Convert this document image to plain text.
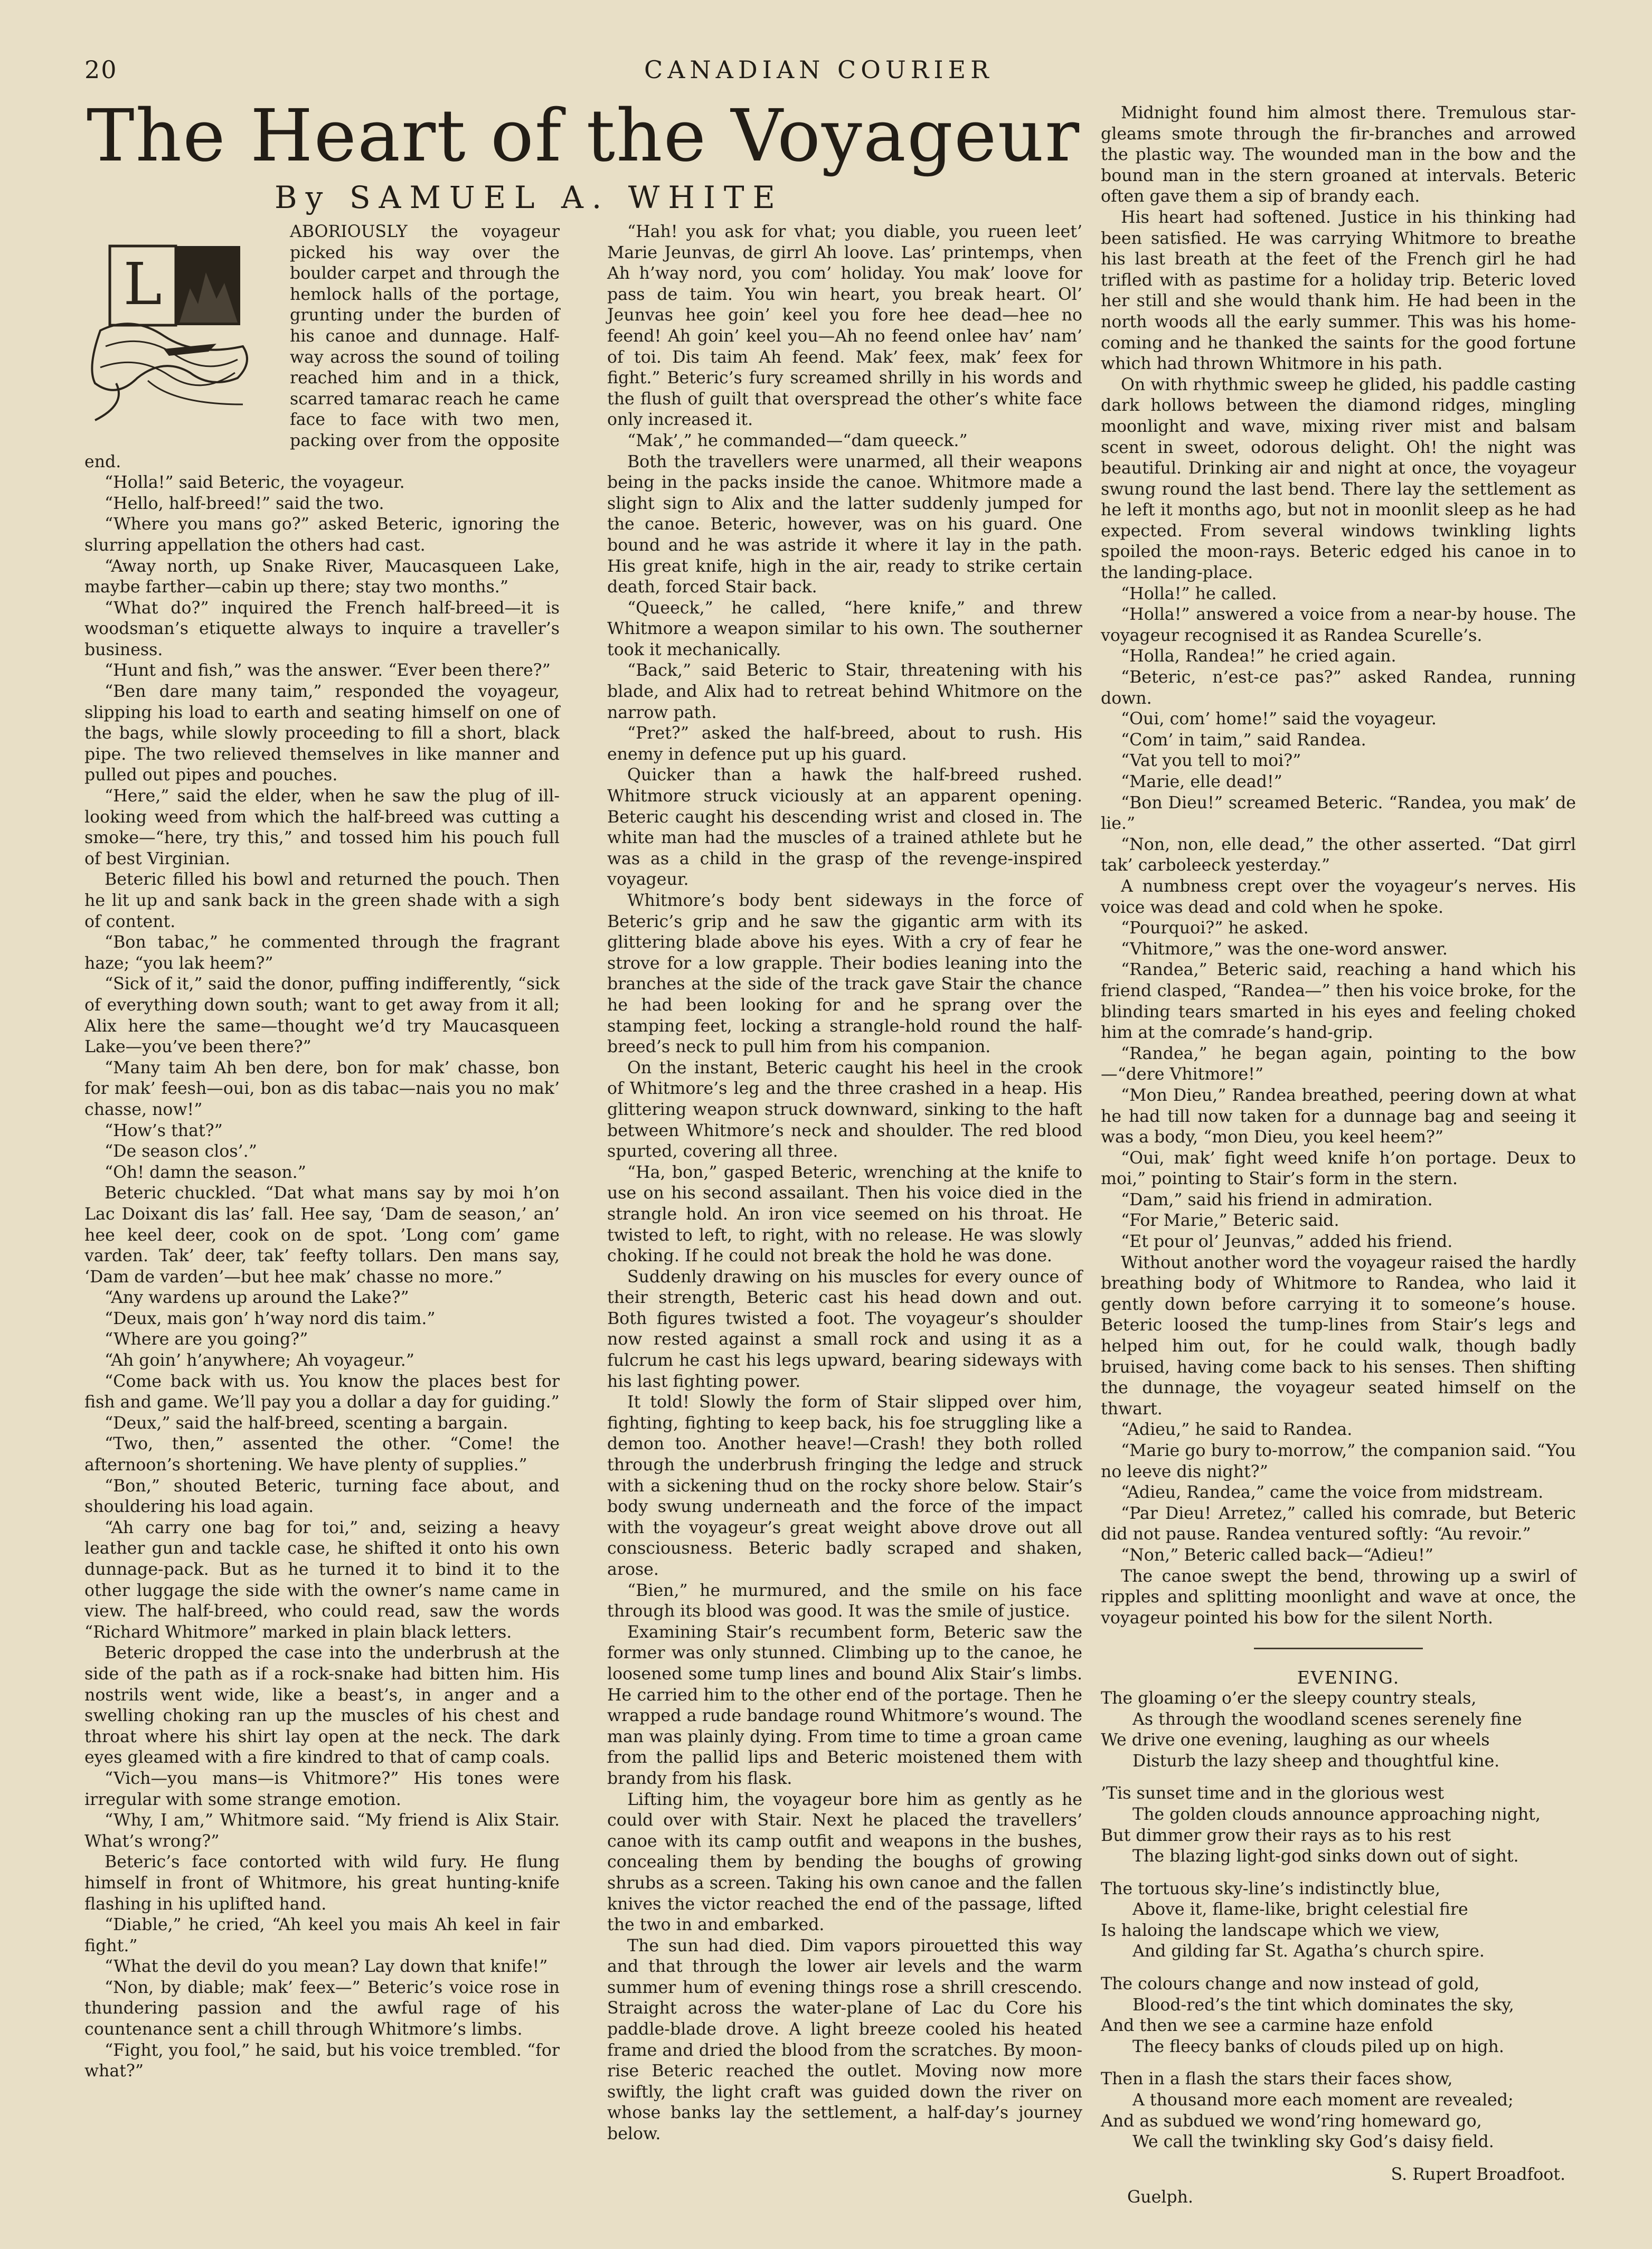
20	CANADIAN COURIER
The Heart of the Voyageur
By SAMUEL A. WHITE
L

ABORIOUSLY the voyageur picked his way over the boulder carpet and through the hemlock halls of the portage, grunting under the burden of his canoe and dunnage. Half-way across the sound of toiling reached him and in a thick, scarred tamarac reach he came face to face with two men, packing over from the opposite end.

“Holla!” said Beteric, the voyageur.

“Hello, half-breed!” said the two.

“Where you mans go?” asked Beteric, ignoring the slurring appellation the others had cast.

“Away north, up Snake River, Maucasqueen Lake, maybe farther—cabin up there; stay two months.”

“What do?” inquired the French half-breed—it is woodsman’s etiquette always to inquire a traveller’s business.

“Hunt and fish,” was the answer. “Ever been there?”

“Ben dare many taim,” responded the voyageur, slipping his load to earth and seating himself on one of the bags, while slowly proceeding to fill a short, black pipe. The two relieved themselves in like manner and pulled out pipes and pouches.

“Here,” said the elder, when he saw the plug of ill-looking weed from which the half-breed was cutting a smoke—“here, try this,” and tossed him his pouch full of best Virginian.

Beteric filled his bowl and returned the pouch. Then he lit up and sank back in the green shade with a sigh of content.

“Bon tabac,” he commented through the fragrant haze; “you lak heem?”

“Sick of it,” said the donor, puffing indifferently, “sick of everything down south; want to get away from it all; Alix here the same—thought we’d try Maucasqueen Lake—you’ve been there?”

“Many taim Ah ben dere, bon for mak’ chasse, bon for mak’ feesh—oui, bon as dis tabac—nais you no mak’ chasse, now!”

“How’s that?”

“De season clos’.”

“Oh! damn the season.”

Beteric chuckled. “Dat what mans say by moi h’on Lac Doixant dis las’ fall. Hee say, ‘Dam de season,’ an’ hee keel deer, cook on de spot. ’Long com’ game varden. Tak’ deer, tak’ feefty tollars. Den mans say, ‘Dam de varden’—but hee mak’ chasse no more.”

“Any wardens up around the Lake?”

“Deux, mais gon’ h’way nord dis taim.”

“Where are you going?”

“Ah goin’ h’anywhere; Ah voyageur.”

“Come back with us. You know the places best for fish and game. We’ll pay you a dollar a day for guiding.”

“Deux,” said the half-breed, scenting a bargain.

“Two, then,” assented the other. “Come! the afternoon’s shortening. We have plenty of supplies.”

“Bon,” shouted Beteric, turning face about, and shouldering his load again.

“Ah carry one bag for toi,” and, seizing a heavy leather gun and tackle case, he shifted it onto his own dunnage-pack. But as he turned it to bind it to the other luggage the side with the owner’s name came in view. The half-breed, who could read, saw the words “Richard Whitmore” marked in plain black letters.

Beteric dropped the case into the underbrush at the side of the path as if a rock-snake had bitten him. His nostrils went wide, like a beast’s, in anger and a swelling choking ran up the muscles of his chest and throat where his shirt lay open at the neck. The dark eyes gleamed with a fire kindred to that of camp coals.

“Vich—you mans—is Vhitmore?” His tones were irregular with some strange emotion.

“Why, I am,” Whitmore said. “My friend is Alix Stair. What’s wrong?”

Beteric’s face contorted with wild fury. He flung himself in front of Whitmore, his great hunting-knife flashing in his uplifted hand.

“Diable,” he cried, “Ah keel you mais Ah keel in fair fight.”

“What the devil do you mean? Lay down that knife!”

“Non, by diable; mak’ feex—” Beteric’s voice rose in thundering passion and the awful rage of his countenance sent a chill through Whitmore’s limbs.

“Fight, you fool,” he said, but his voice trembled. “for what?”

“Hah! you ask for vhat; you diable, you rueen leet’ Marie Jeunvas, de girrl Ah loove. Las’ printemps, vhen Ah h’way nord, you com’ holiday. You mak’ loove for pass de taim. You win heart, you break heart. Ol’ Jeunvas hee goin’ keel you fore hee dead—hee no feend! Ah goin’ keel you—Ah no feend onlee hav’ nam’ of toi. Dis taim Ah feend. Mak’ feex, mak’ feex for fight.” Beteric’s fury screamed shrilly in his words and the flush of guilt that overspread the other’s white face only increased it.

“Mak’,” he commanded—“dam queeck.”

Both the travellers were unarmed, all their weapons being in the packs inside the canoe. Whitmore made a slight sign to Alix and the latter suddenly jumped for the canoe. Beteric, however, was on his guard. One bound and he was astride it where it lay in the path. His great knife, high in the air, ready to strike certain death, forced Stair back.

“Queeck,” he called, “here knife,” and threw Whitmore a weapon similar to his own. The southerner took it mechanically.

“Back,” said Beteric to Stair, threatening with his blade, and Alix had to retreat behind Whitmore on the narrow path.

“Pret?” asked the half-breed, about to rush. His enemy in defence put up his guard.

Quicker than a hawk the half-breed rushed. Whitmore struck viciously at an apparent opening. Beteric caught his descending wrist and closed in. The white man had the muscles of a trained athlete but he was as a child in the grasp of the revenge-inspired voyageur.

Whitmore’s body bent sideways in the force of Beteric’s grip and he saw the gigantic arm with its glittering blade above his eyes. With a cry of fear he strove for a low grapple. Their bodies leaning into the branches at the side of the track gave Stair the chance he had been looking for and he sprang over the stamping feet, locking a strangle-hold round the half-breed’s neck to pull him from his companion.

On the instant, Beteric caught his heel in the crook of Whitmore’s leg and the three crashed in a heap. His glittering weapon struck downward, sinking to the haft between Whitmore’s neck and shoulder. The red blood spurted, covering all three.

“Ha, bon,” gasped Beteric, wrenching at the knife to use on his second assailant. Then his voice died in the strangle hold. An iron vice seemed on his throat. He twisted to left, to right, with no release. He was slowly choking. If he could not break the hold he was done.

Suddenly drawing on his muscles for every ounce of their strength, Beteric cast his head down and out. Both figures twisted a foot. The voyageur’s shoulder now rested against a small rock and using it as a fulcrum he cast his legs upward, bearing sideways with his last fighting power.

It told! Slowly the form of Stair slipped over him, fighting, fighting to keep back, his foe struggling like a demon too. Another heave!—Crash! they both rolled through the underbrush fringing the ledge and struck with a sickening thud on the rocky shore below. Stair’s body swung underneath and the force of the impact with the voyageur’s great weight above drove out all consciousness. Beteric badly scraped and shaken, arose.

“Bien,” he murmured, and the smile on his face through its blood was good. It was the smile of justice.

Examining Stair’s recumbent form, Beteric saw the former was only stunned. Climbing up to the canoe, he loosened some tump lines and bound Alix Stair’s limbs. He carried him to the other end of the portage. Then he wrapped a rude bandage round Whitmore’s wound. The man was plainly dying. From time to time a groan came from the pallid lips and Beteric moistened them with brandy from his flask.

Lifting him, the voyageur bore him as gently as he could over with Stair. Next he placed the travellers’ canoe with its camp outfit and weapons in the bushes, concealing them by bending the boughs of growing shrubs as a screen. Taking his own canoe and the fallen knives the victor reached the end of the passage, lifted the two in and embarked.

The sun had died. Dim vapors pirouetted this way and that through the lower air levels and the warm summer hum of evening things rose a shrill crescendo. Straight across the water-plane of Lac du Core his paddle-blade drove. A light breeze cooled his heated frame and dried the blood from the scratches. By moon-rise Beteric reached the outlet. Moving now more swiftly, the light craft was guided down the river on whose banks lay the settlement, a half-day’s journey below.

Midnight found him almost there. Tremulous star-gleams smote through the fir-branches and arrowed the plastic way. The wounded man in the bow and the bound man in the stern groaned at intervals. Beteric often gave them a sip of brandy each.

His heart had softened. Justice in his thinking had been satisfied. He was carrying Whitmore to breathe his last breath at the feet of the French girl he had trifled with as pastime for a holiday trip. Beteric loved her still and she would thank him. He had been in the north woods all the early summer. This was his home-coming and he thanked the saints for the good fortune which had thrown Whitmore in his path.

On with rhythmic sweep he glided, his paddle casting dark hollows between the diamond ridges, mingling moonlight and wave, mixing river mist and balsam scent in sweet, odorous delight. Oh! the night was beautiful. Drinking air and night at once, the voyageur swung round the last bend. There lay the settlement as he left it months ago, but not in moonlit sleep as he had expected. From several windows twinkling lights spoiled the moon-rays. Beteric edged his canoe in to the landing-place.

“Holla!” he called.

“Holla!” answered a voice from a near-by house. The voyageur recognised it as Randea Scurelle’s.

“Holla, Randea!” he cried again.

“Beteric, n’est-ce pas?” asked Randea, running down.

“Oui, com’ home!” said the voyageur.

“Com’ in taim,” said Randea.

“Vat you tell to moi?”

“Marie, elle dead!”

“Bon Dieu!” screamed Beteric. “Randea, you mak’ de lie.”

“Non, non, elle dead,” the other asserted. “Dat girrl tak’ carboleeck yesterday.”

A numbness crept over the voyageur’s nerves. His voice was dead and cold when he spoke.

“Pourquoi?” he asked.

“Vhitmore,” was the one-word answer.

“Randea,” Beteric said, reaching a hand which his friend clasped, “Randea—” then his voice broke, for the blinding tears smarted in his eyes and feeling choked him at the comrade’s hand-grip.

“Randea,” he began again, pointing to the bow—“dere Vhitmore!”

“Mon Dieu,” Randea breathed, peering down at what he had till now taken for a dunnage bag and seeing it was a body, “mon Dieu, you keel heem?”

“Oui, mak’ fight weed knife h’on portage. Deux to moi,” pointing to Stair’s form in the stern.

“Dam,” said his friend in admiration.

“For Marie,” Beteric said.

“Et pour ol’ Jeunvas,” added his friend.

Without another word the voyageur raised the hardly breathing body of Whitmore to Randea, who laid it gently down before carrying it to someone’s house. Beteric loosed the tump-lines from Stair’s legs and helped him out, for he could walk, though badly bruised, having come back to his senses. Then shifting the dunnage, the voyageur seated himself on the thwart.

“Adieu,” he said to Randea.

“Marie go bury to-morrow,” the companion said. “You no leeve dis night?”

“Adieu, Randea,” came the voice from midstream.

“Par Dieu! Arretez,” called his comrade, but Beteric did not pause. Randea ventured softly: “Au revoir.”

“Non,” Beteric called back—“Adieu!”

The canoe swept the bend, throwing up a swirl of ripples and splitting moonlight and wave at once, the voyageur pointed his bow for the silent North.

EVENING.

The gloaming o’er the sleepy country steals,
As through the woodland scenes serenely fine
We drive one evening, laughing as our wheels
Disturb the lazy sheep and thoughtful kine.
’Tis sunset time and in the glorious west
The golden clouds announce approaching night,
But dimmer grow their rays as to his rest
The blazing light-god sinks down out of sight.
The tortuous sky-line’s indistinctly blue,
Above it, flame-like, bright celestial fire
Is haloing the landscape which we view,
And gilding far St. Agatha’s church spire.
The colours change and now instead of gold,
Blood-red’s the tint which dominates the sky,
And then we see a carmine haze enfold
The fleecy banks of clouds piled up on high.
Then in a flash the stars their faces show,
A thousand more each moment are revealed;
And as subdued we wond’ring homeward go,
We call the twinkling sky God’s daisy field.
S. Rupert Broadfoot.
Guelph.
